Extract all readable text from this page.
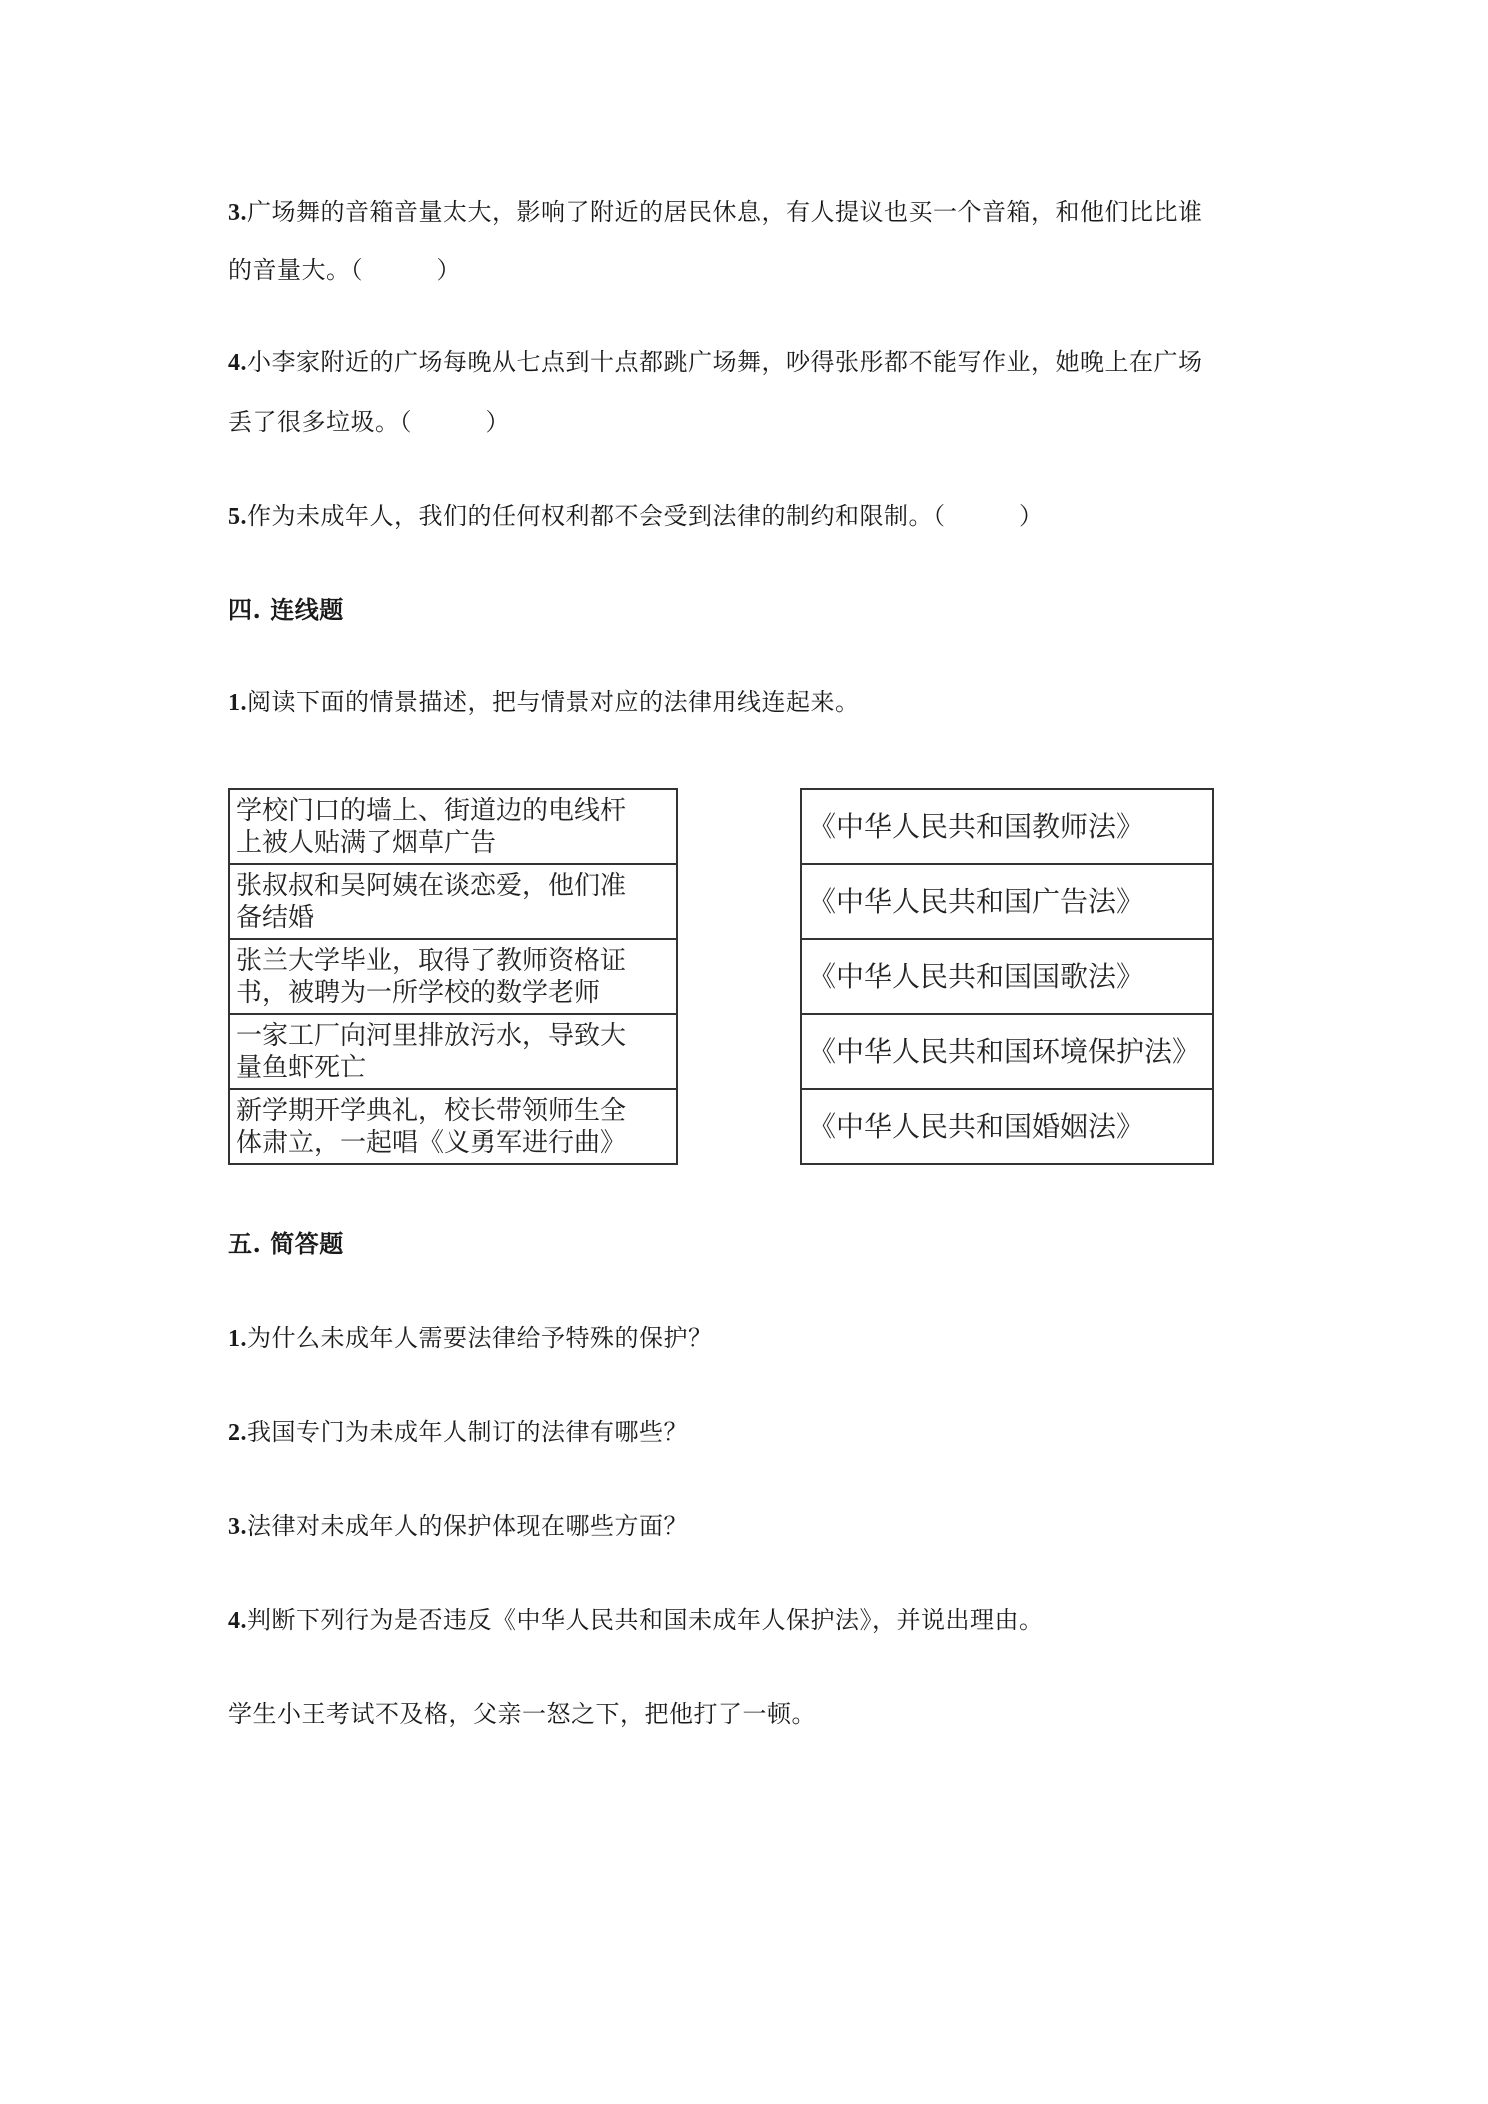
3.广场舞的音箱音量太大，影响了附近的居民休息，有人提议也买一个音箱，和他们比比谁
的音量大。（　　　）
4.小李家附近的广场每晚从七点到十点都跳广场舞，吵得张彤都不能写作业，她晚上在广场
丢了很多垃圾。（　　　）
5.作为未成年人，我们的任何权利都不会受到法律的制约和限制。（　　　）
四. 连线题
1.阅读下面的情景描述，把与情景对应的法律用线连起来。
学校门口的墙上、街道边的电线杆
上被人贴满了烟草广告

张叔叔和吴阿姨在谈恋爱，他们准
备结婚

张兰大学毕业，取得了教师资格证
书，被聘为一所学校的数学老师

一家工厂向河里排放污水，导致大
量鱼虾死亡

新学期开学典礼，校长带领师生全
体肃立，一起唱《义勇军进行曲》
《中华人民共和国教师法》
《中华人民共和国广告法》
《中华人民共和国国歌法》
《中华人民共和国环境保护法》
《中华人民共和国婚姻法》
五. 简答题
1.为什么未成年人需要法律给予特殊的保护？
2.我国专门为未成年人制订的法律有哪些？
3.法律对未成年人的保护体现在哪些方面？
4.判断下列行为是否违反《中华人民共和国未成年人保护法》，并说出理由。
学生小王考试不及格，父亲一怒之下，把他打了一顿。
